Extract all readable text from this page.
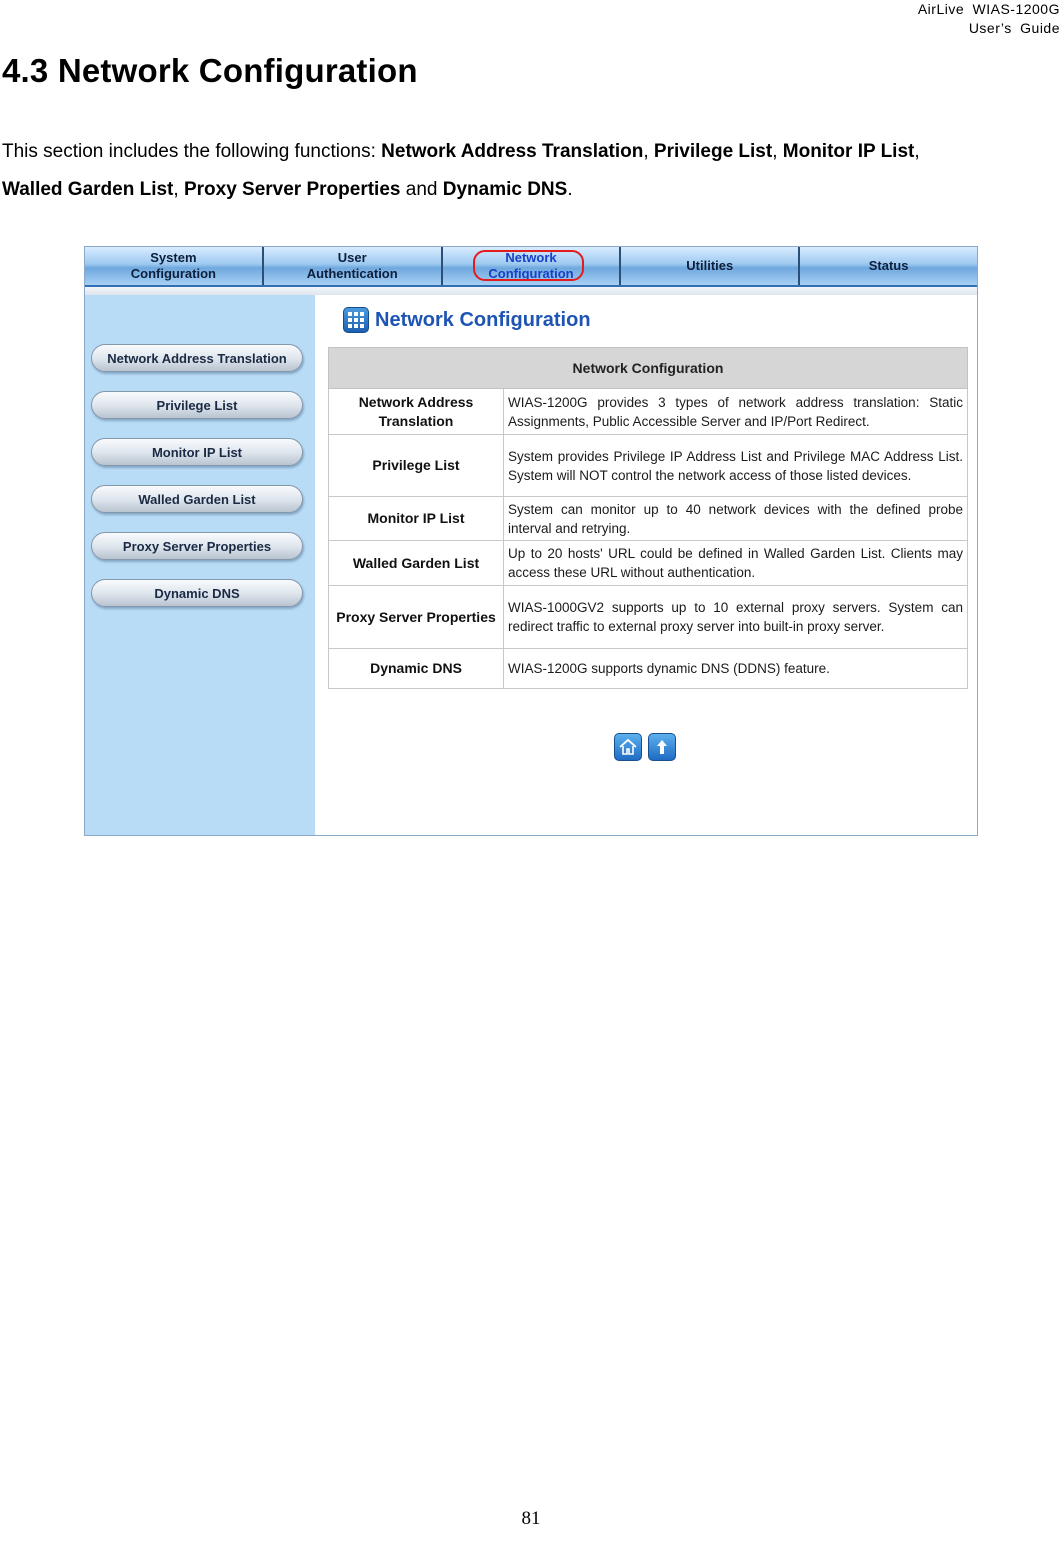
AirLive WIAS-1200G
User’s Guide
4.3 Network Configuration
This section includes the following functions: Network Address Translation, Privilege List, Monitor IP List,
Walled Garden List, Proxy Server Properties and Dynamic DNS.
System
Configuration
User
Authentication
Network
Configuration
Utilities	Status
Network Address Translation
Privilege List
Monitor IP List
Walled Garden List
Proxy Server Properties
Dynamic DNS
Network Configuration
Network Configuration	
Network Address Translation	WIAS-1200G provides 3 types of network address translation: Static Assignments, Public Accessible Server and IP/Port Redirect.
Privilege List	System provides Privilege IP Address List and Privilege MAC Address List. System will NOT control the network access of those listed devices.
Monitor IP List	System can monitor up to 40 network devices with the defined probe interval and retrying.
Walled Garden List	Up to 20 hosts' URL could be defined in Walled Garden List. Clients may access these URL without authentication.
Proxy Server Properties	WIAS-1000GV2 supports up to 10 external proxy servers. System can redirect traffic to external proxy server into built-in proxy server.
Dynamic DNS	WIAS-1200G supports dynamic DNS (DDNS) feature.
81
